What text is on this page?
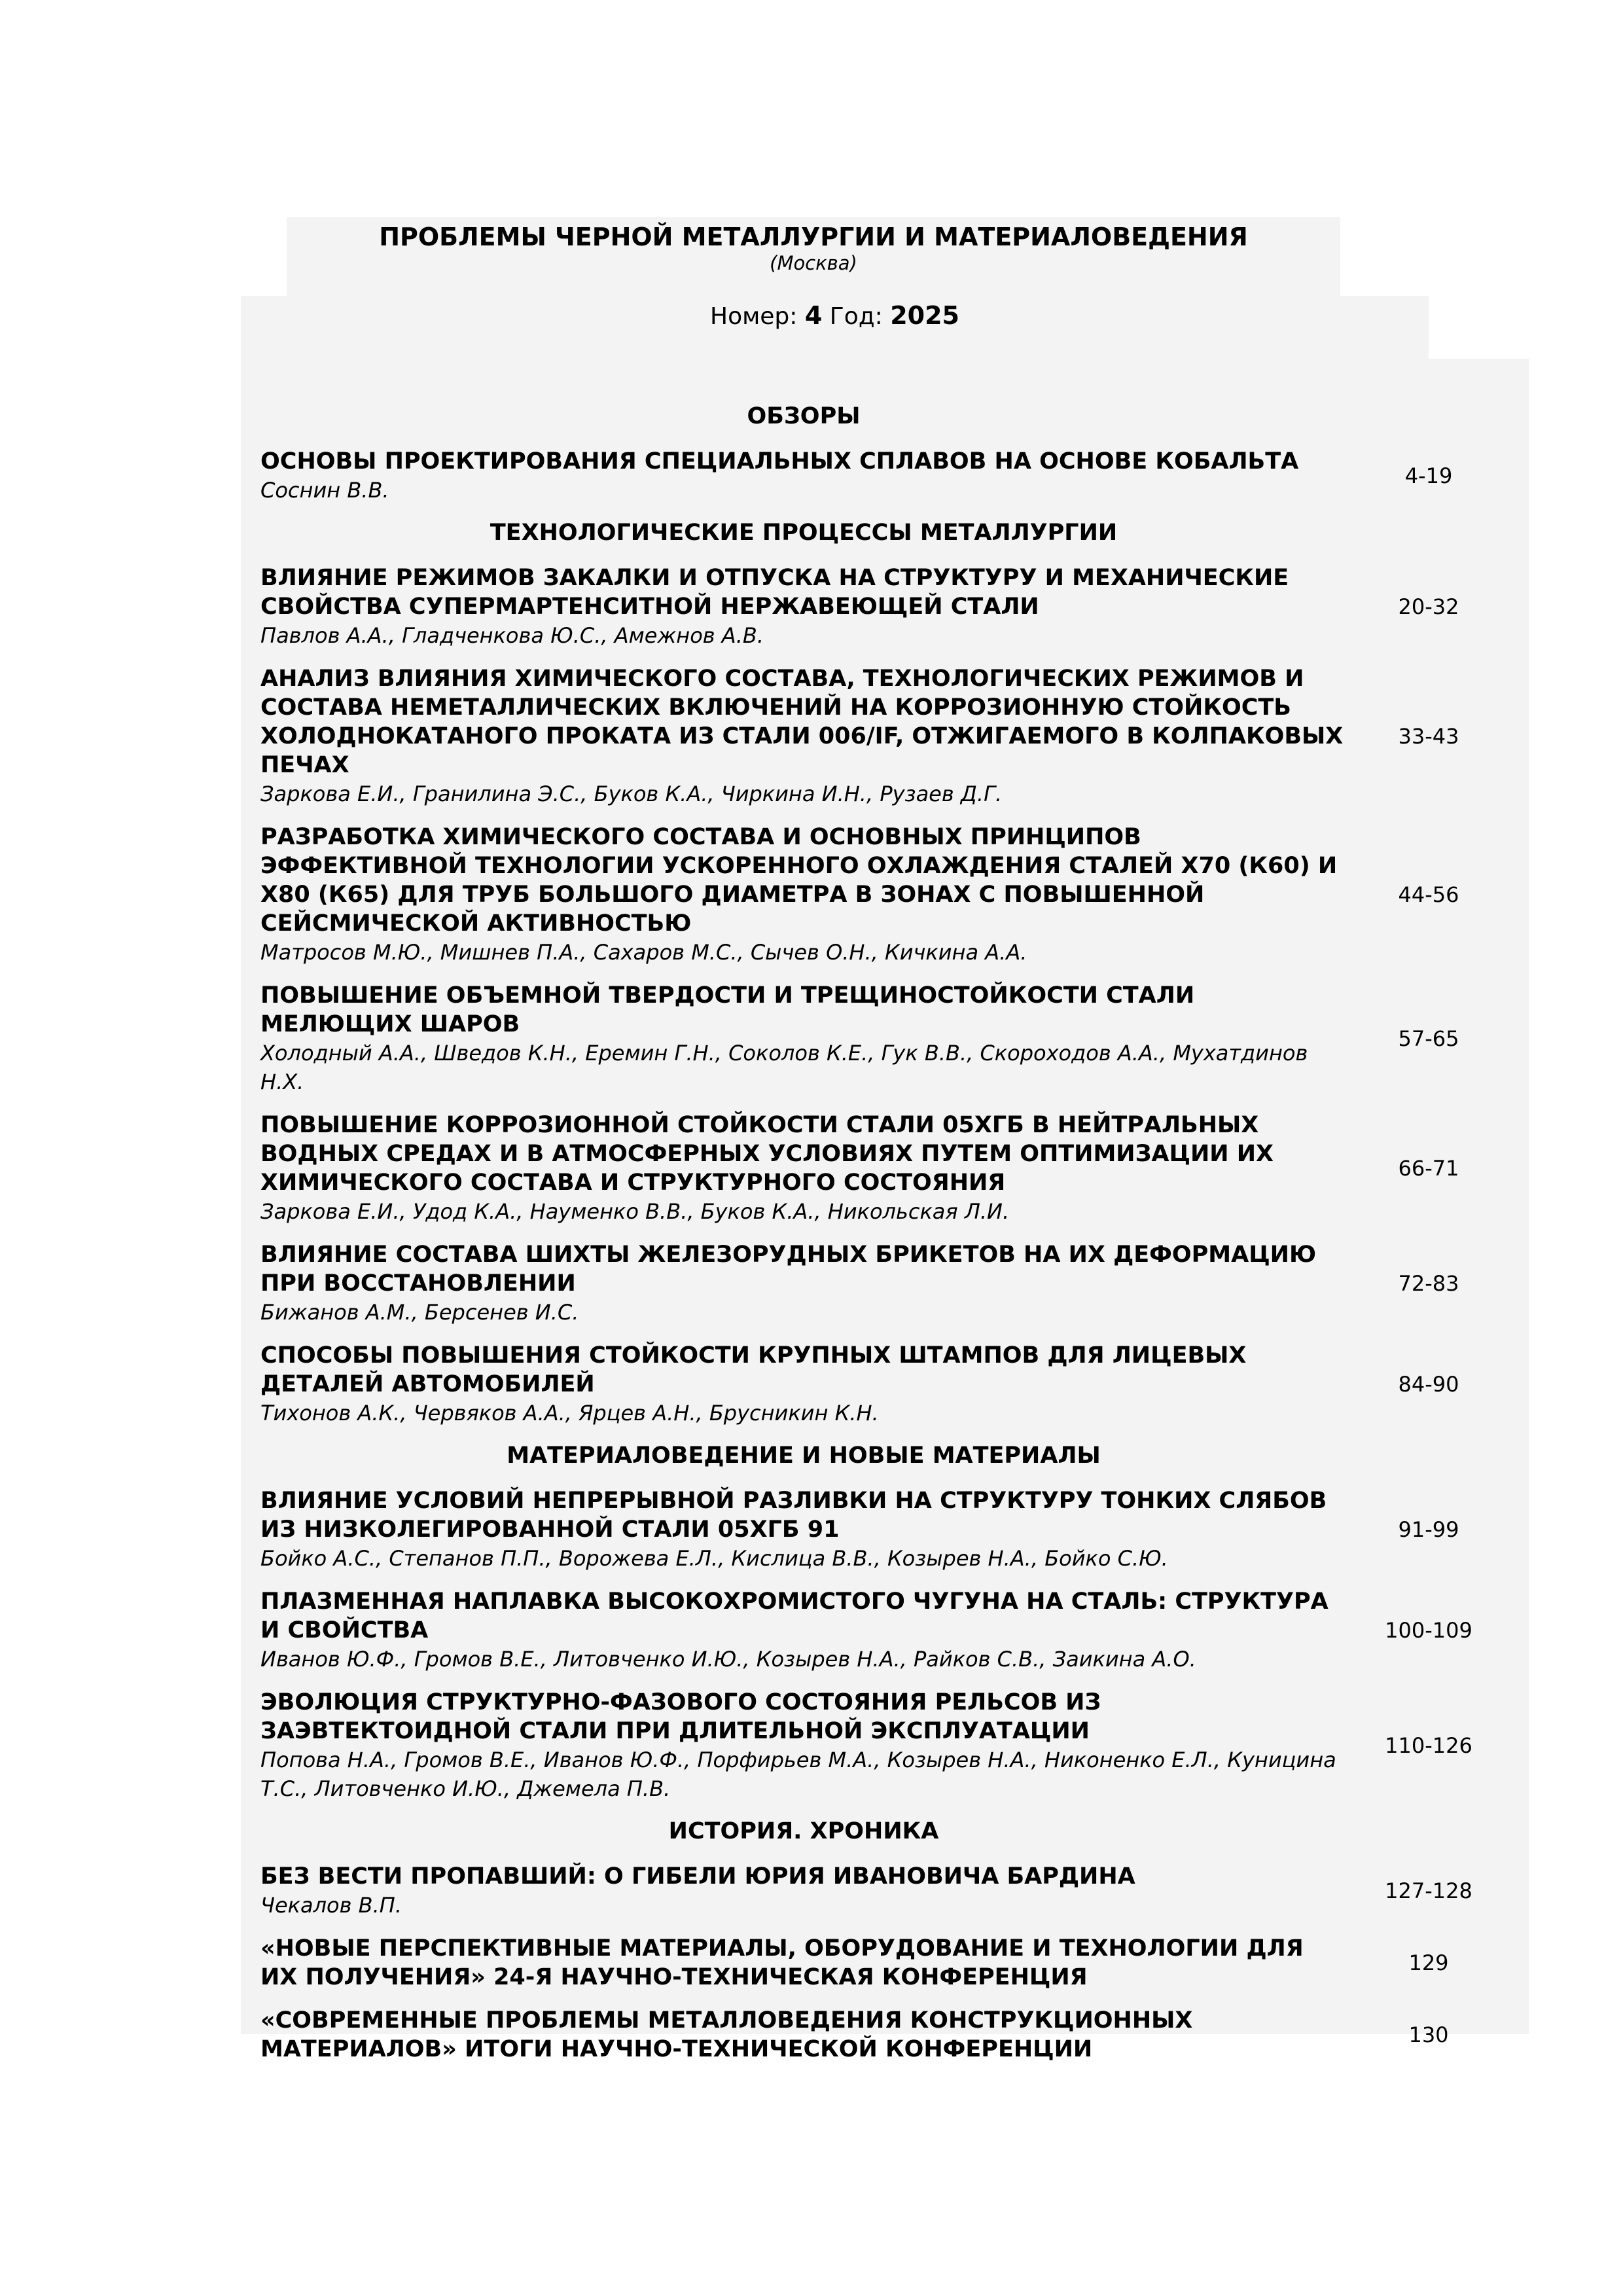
ПРОБЛЕМЫ ЧЕРНОЙ МЕТАЛЛУРГИИ И МАТЕРИАЛОВЕДЕНИЯ
(Москва)
Номер: 4 Год: 2025
ОБЗОРЫ
ОСНОВЫ ПРОЕКТИРОВАНИЯ СПЕЦИАЛЬНЫХ СПЛАВОВ НА ОСНОВЕ КОБАЛЬТА
Соснин В.В.
4-19
ТЕХНОЛОГИЧЕСКИЕ ПРОЦЕССЫ МЕТАЛЛУРГИИ
ВЛИЯНИЕ РЕЖИМОВ ЗАКАЛКИ И ОТПУСКА НА СТРУКТУРУ И МЕХАНИЧЕСКИЕ СВОЙСТВА СУПЕРМАРТЕНСИТНОЙ НЕРЖАВЕЮЩЕЙ СТАЛИ
Павлов А.А., Гладченкова Ю.С., Амежнов А.В.
20-32
АНАЛИЗ ВЛИЯНИЯ ХИМИЧЕСКОГО СОСТАВА, ТЕХНОЛОГИЧЕСКИХ РЕЖИМОВ И СОСТАВА НЕМЕТАЛЛИЧЕСКИХ ВКЛЮЧЕНИЙ НА КОРРОЗИОННУЮ СТОЙКОСТЬ ХОЛОДНОКАТАНОГО ПРОКАТА ИЗ СТАЛИ 006/IF, ОТЖИГАЕМОГО В КОЛПАКОВЫХ ПЕЧАХ
Заркова Е.И., Гранилина Э.С., Буков К.А., Чиркина И.Н., Рузаев Д.Г.
33-43
РАЗРАБОТКА ХИМИЧЕСКОГО СОСТАВА И ОСНОВНЫХ ПРИНЦИПОВ ЭФФЕКТИВНОЙ ТЕХНОЛОГИИ УСКОРЕННОГО ОХЛАЖДЕНИЯ СТАЛЕЙ Х70 (К60) И Х80 (К65) ДЛЯ ТРУБ БОЛЬШОГО ДИАМЕТРА В ЗОНАХ С ПОВЫШЕННОЙ СЕЙСМИЧЕСКОЙ АКТИВНОСТЬЮ
Матросов М.Ю., Мишнев П.А., Сахаров М.С., Сычев О.Н., Кичкина А.А.
44-56
ПОВЫШЕНИЕ ОБЪЕМНОЙ ТВЕРДОСТИ И ТРЕЩИНОСТОЙКОСТИ СТАЛИ МЕЛЮЩИХ ШАРОВ
Холодный А.А., Шведов К.Н., Еремин Г.Н., Соколов К.Е., Гук В.В., Скороходов А.А., Мухатдинов Н.Х.
57-65
ПОВЫШЕНИЕ КОРРОЗИОННОЙ СТОЙКОСТИ СТАЛИ 05ХГБ В НЕЙТРАЛЬНЫХ ВОДНЫХ СРЕДАХ И В АТМОСФЕРНЫХ УСЛОВИЯХ ПУТЕМ ОПТИМИЗАЦИИ ИХ ХИМИЧЕСКОГО СОСТАВА И СТРУКТУРНОГО СОСТОЯНИЯ
Заркова Е.И., Удод К.А., Науменко В.В., Буков К.А., Никольская Л.И.
66-71
ВЛИЯНИЕ СОСТАВА ШИХТЫ ЖЕЛЕЗОРУДНЫХ БРИКЕТОВ НА ИХ ДЕФОРМАЦИЮ ПРИ ВОССТАНОВЛЕНИИ
Бижанов А.М., Берсенев И.С.
72-83
СПОСОБЫ ПОВЫШЕНИЯ СТОЙКОСТИ КРУПНЫХ ШТАМПОВ ДЛЯ ЛИЦЕВЫХ ДЕТАЛЕЙ АВТОМОБИЛЕЙ
Тихонов А.К., Червяков А.А., Ярцев А.Н., Брусникин К.Н.
84-90
МАТЕРИАЛОВЕДЕНИЕ И НОВЫЕ МАТЕРИАЛЫ
ВЛИЯНИЕ УСЛОВИЙ НЕПРЕРЫВНОЙ РАЗЛИВКИ НА СТРУКТУРУ ТОНКИХ СЛЯБОВ ИЗ НИЗКОЛЕГИРОВАННОЙ СТАЛИ 05ХГБ 91
Бойко А.С., Степанов П.П., Ворожева Е.Л., Кислица В.В., Козырев Н.А., Бойко С.Ю.
91-99
ПЛАЗМЕННАЯ НАПЛАВКА ВЫСОКОХРОМИСТОГО ЧУГУНА НА СТАЛЬ: СТРУКТУРА И СВОЙСТВА
Иванов Ю.Ф., Громов В.Е., Литовченко И.Ю., Козырев Н.А., Райков С.В., Заикина А.О.
100-109
ЭВОЛЮЦИЯ СТРУКТУРНО-ФАЗОВОГО СОСТОЯНИЯ РЕЛЬСОВ ИЗ ЗАЭВТЕКТОИДНОЙ СТАЛИ ПРИ ДЛИТЕЛЬНОЙ ЭКСПЛУАТАЦИИ
Попова Н.А., Громов В.Е., Иванов Ю.Ф., Порфирьев М.А., Козырев Н.А., Никоненко Е.Л., Куницина Т.С., Литовченко И.Ю., Джемела П.В.
110-126
ИСТОРИЯ. ХРОНИКА
БЕЗ ВЕСТИ ПРОПАВШИЙ: О ГИБЕЛИ ЮРИЯ ИВАНОВИЧА БАРДИНА
Чекалов В.П.
127-128
«НОВЫЕ ПЕРСПЕКТИВНЫЕ МАТЕРИАЛЫ, ОБОРУДОВАНИЕ И ТЕХНОЛОГИИ ДЛЯ ИХ ПОЛУЧЕНИЯ» 24-Я НАУЧНО-ТЕХНИЧЕСКАЯ КОНФЕРЕНЦИЯ
129
«СОВРЕМЕННЫЕ ПРОБЛЕМЫ МЕТАЛЛОВЕДЕНИЯ КОНСТРУКЦИОННЫХ МАТЕРИАЛОВ» ИТОГИ НАУЧНО-ТЕХНИЧЕСКОЙ КОНФЕРЕНЦИИ
130
